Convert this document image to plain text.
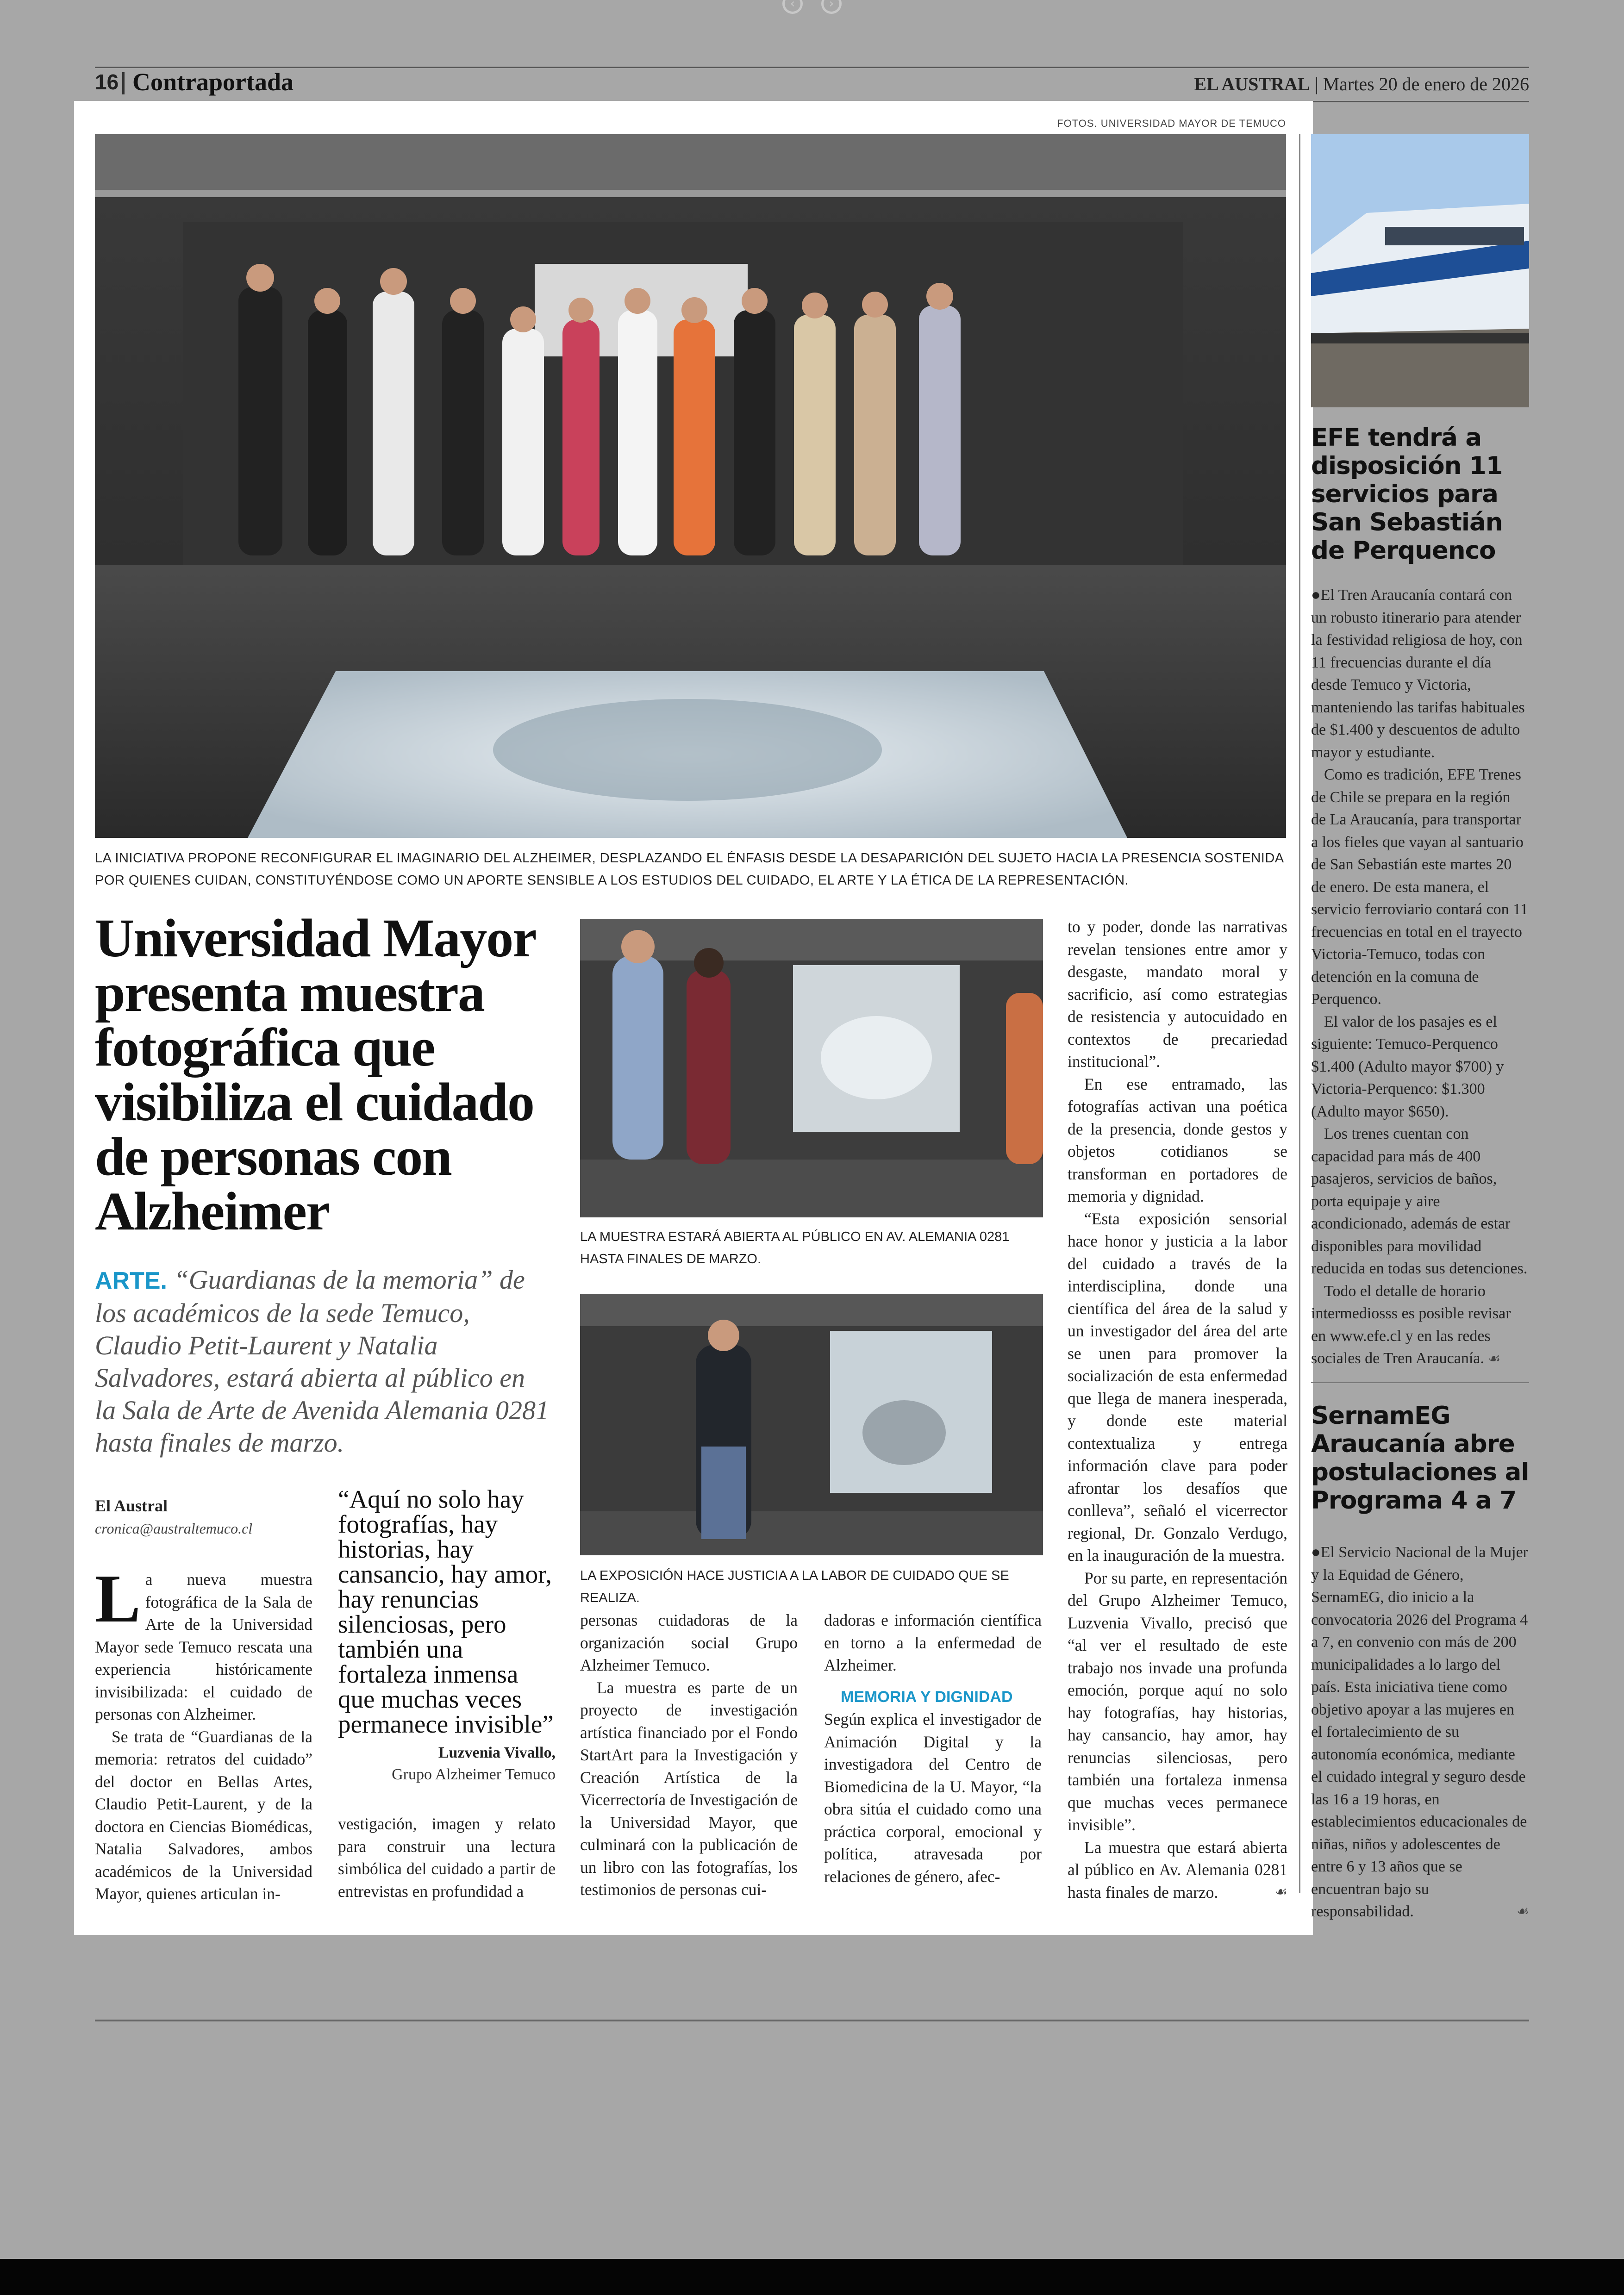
‹	›
16 Contraportada	EL AUSTRAL | Martes 20 de enero de 2026
FOTOS. UNIVERSIDAD MAYOR DE TEMUCO
LA INICIATIVA PROPONE RECONFIGURAR EL IMAGINARIO DEL ALZHEIMER, DESPLAZANDO EL ÉNFASIS DESDE LA DESAPARICIÓN DEL SUJETO HACIA LA PRESENCIA SOSTENIDA POR QUIENES CUIDAN, CONSTITUYÉNDOSE COMO UN APORTE SENSIBLE A LOS ESTUDIOS DEL CUIDADO, EL ARTE Y LA ÉTICA DE LA REPRESENTACIÓN.
Universidad Mayor presenta muestra fotográfica que visibiliza el cuidado de personas con Alzheimer
ARTE. “Guardianas de la memoria” de los académicos de la sede Temuco, Claudio Petit-Laurent y Natalia Salvadores, estará abierta al público en la Sala de Arte de Avenida Alemania 0281 hasta finales de marzo.
El Austral
cronica@australtemuco.cl
“Aquí no solo hay fotografías, hay historias, hay cansancio, hay amor, hay renuncias silenciosas, pero también una fortaleza inmensa que muchas veces permanece invisible”
Luzvenia Vivallo,
Grupo Alzheimer Temuco

La nueva muestra fotográfica de la Sala de Arte de la Universidad Mayor sede Temuco rescata una experiencia históricamente invisibilizada: el cuidado de personas con Alzheimer.

Se trata de “Guardianas de la memoria: retratos del cuidado” del doctor en Bellas Artes, Claudio Petit-Laurent, y de la doctora en Ciencias Biomédicas, Natalia Salvadores, ambos académicos de la Universidad Mayor, quienes articulan in-

vestigación, imagen y relato para construir una lectura simbólica del cuidado a partir de entrevistas en profundidad a

personas cuidadoras de la organización social Grupo Alzheimer Temuco.

La muestra es parte de un proyecto de investigación artística financiado por el Fondo StartArt para la Investigación y Creación Artística de la Vicerrectoría de Investigación de la Universidad Mayor, que culminará con la publicación de un libro con las fotografías, los testimonios de personas cui-

dadoras e información científica en torno a la enfermedad de Alzheimer.

MEMORIA Y DIGNIDAD

Según explica el investigador de Animación Digital y la investigadora del Centro de Biomedicina de la U. Mayor, “la obra sitúa el cuidado como una práctica corporal, emocional y política, atravesada por relaciones de género, afec-

to y poder, donde las narrativas revelan tensiones entre amor y desgaste, mandato moral y sacrificio, así como estrategias de resistencia y autocuidado en contextos de precariedad institucional”.

En ese entramado, las fotografías activan una poética de la presencia, donde gestos y objetos cotidianos se transforman en portadores de memoria y dignidad.

“Esta exposición sensorial hace honor y justicia a la labor del cuidado a través de la interdisciplina, donde una científica del área de la salud y un investigador del área del arte se unen para promover la socialización de esta enfermedad que llega de manera inesperada, y donde este material contextualiza y entrega información clave para poder afrontar los desafíos que conlleva”, señaló el vicerrector regional, Dr. Gonzalo Verdugo, en la inauguración de la muestra.

Por su parte, en representación del Grupo Alzheimer Temuco, Luzvenia Vivallo, precisó que “al ver el resultado de este trabajo nos invade una profunda emoción, porque aquí no solo hay fotografías, hay historias, hay cansancio, hay amor, hay renuncias silenciosas, pero también una fortaleza inmensa que muchas veces permanece invisible”.

La muestra que estará abierta al público en Av. Alemania 0281 hasta finales de marzo.	☙

LA MUESTRA ESTARÁ ABIERTA AL PÚBLICO EN AV. ALEMANIA 0281 HASTA FINALES DE MARZO.
LA EXPOSICIÓN HACE JUSTICIA A LA LABOR DE CUIDADO QUE SE REALIZA.
EFE tendrá a disposición 11 servicios para San Sebastián de Perquenco

●El Tren Araucanía contará con un robusto itinerario para atender la festividad religiosa de hoy, con 11 frecuencias durante el día desde Temuco y Victoria, manteniendo las tarifas habituales de $1.400 y descuentos de adulto mayor y estudiante.

Como es tradición, EFE Trenes de Chile se prepara en la región de La Araucanía, para transportar a los fieles que vayan al santuario de San Sebastián este martes 20 de enero. De esta manera, el servicio ferroviario contará con 11 frecuencias en total en el trayecto Victoria-Temuco, todas con detención en la comuna de Perquenco.

El valor de los pasajes es el siguiente: Temuco-Perquenco $1.400 (Adulto mayor $700) y Victoria-Perquenco: $1.300 (Adulto mayor $650).

Los trenes cuentan con capacidad para más de 400 pasajeros, servicios de baños, porta equipaje y aire acondicionado, además de estar disponibles para movilidad reducida en todas sus detenciones.

Todo el detalle de horario intermediosss es posible revisar en www.efe.cl y en las redes sociales de Tren Araucanía. ☙

SernamEG Araucanía abre postulaciones al Programa 4 a 7

●El Servicio Nacional de la Mujer y la Equidad de Género, SernamEG, dio inicio a la convocatoria 2026 del Programa 4 a 7, en convenio con más de 200 municipalidades a lo largo del país. Esta iniciativa tiene como objetivo apoyar a las mujeres en el fortalecimiento de su autonomía económica, mediante el cuidado integral y seguro desde las 16 a 19 horas, en establecimientos educacionales de niñas, niños y adolescentes de entre 6 y 13 años que se encuentran bajo su responsabilidad.	☙
